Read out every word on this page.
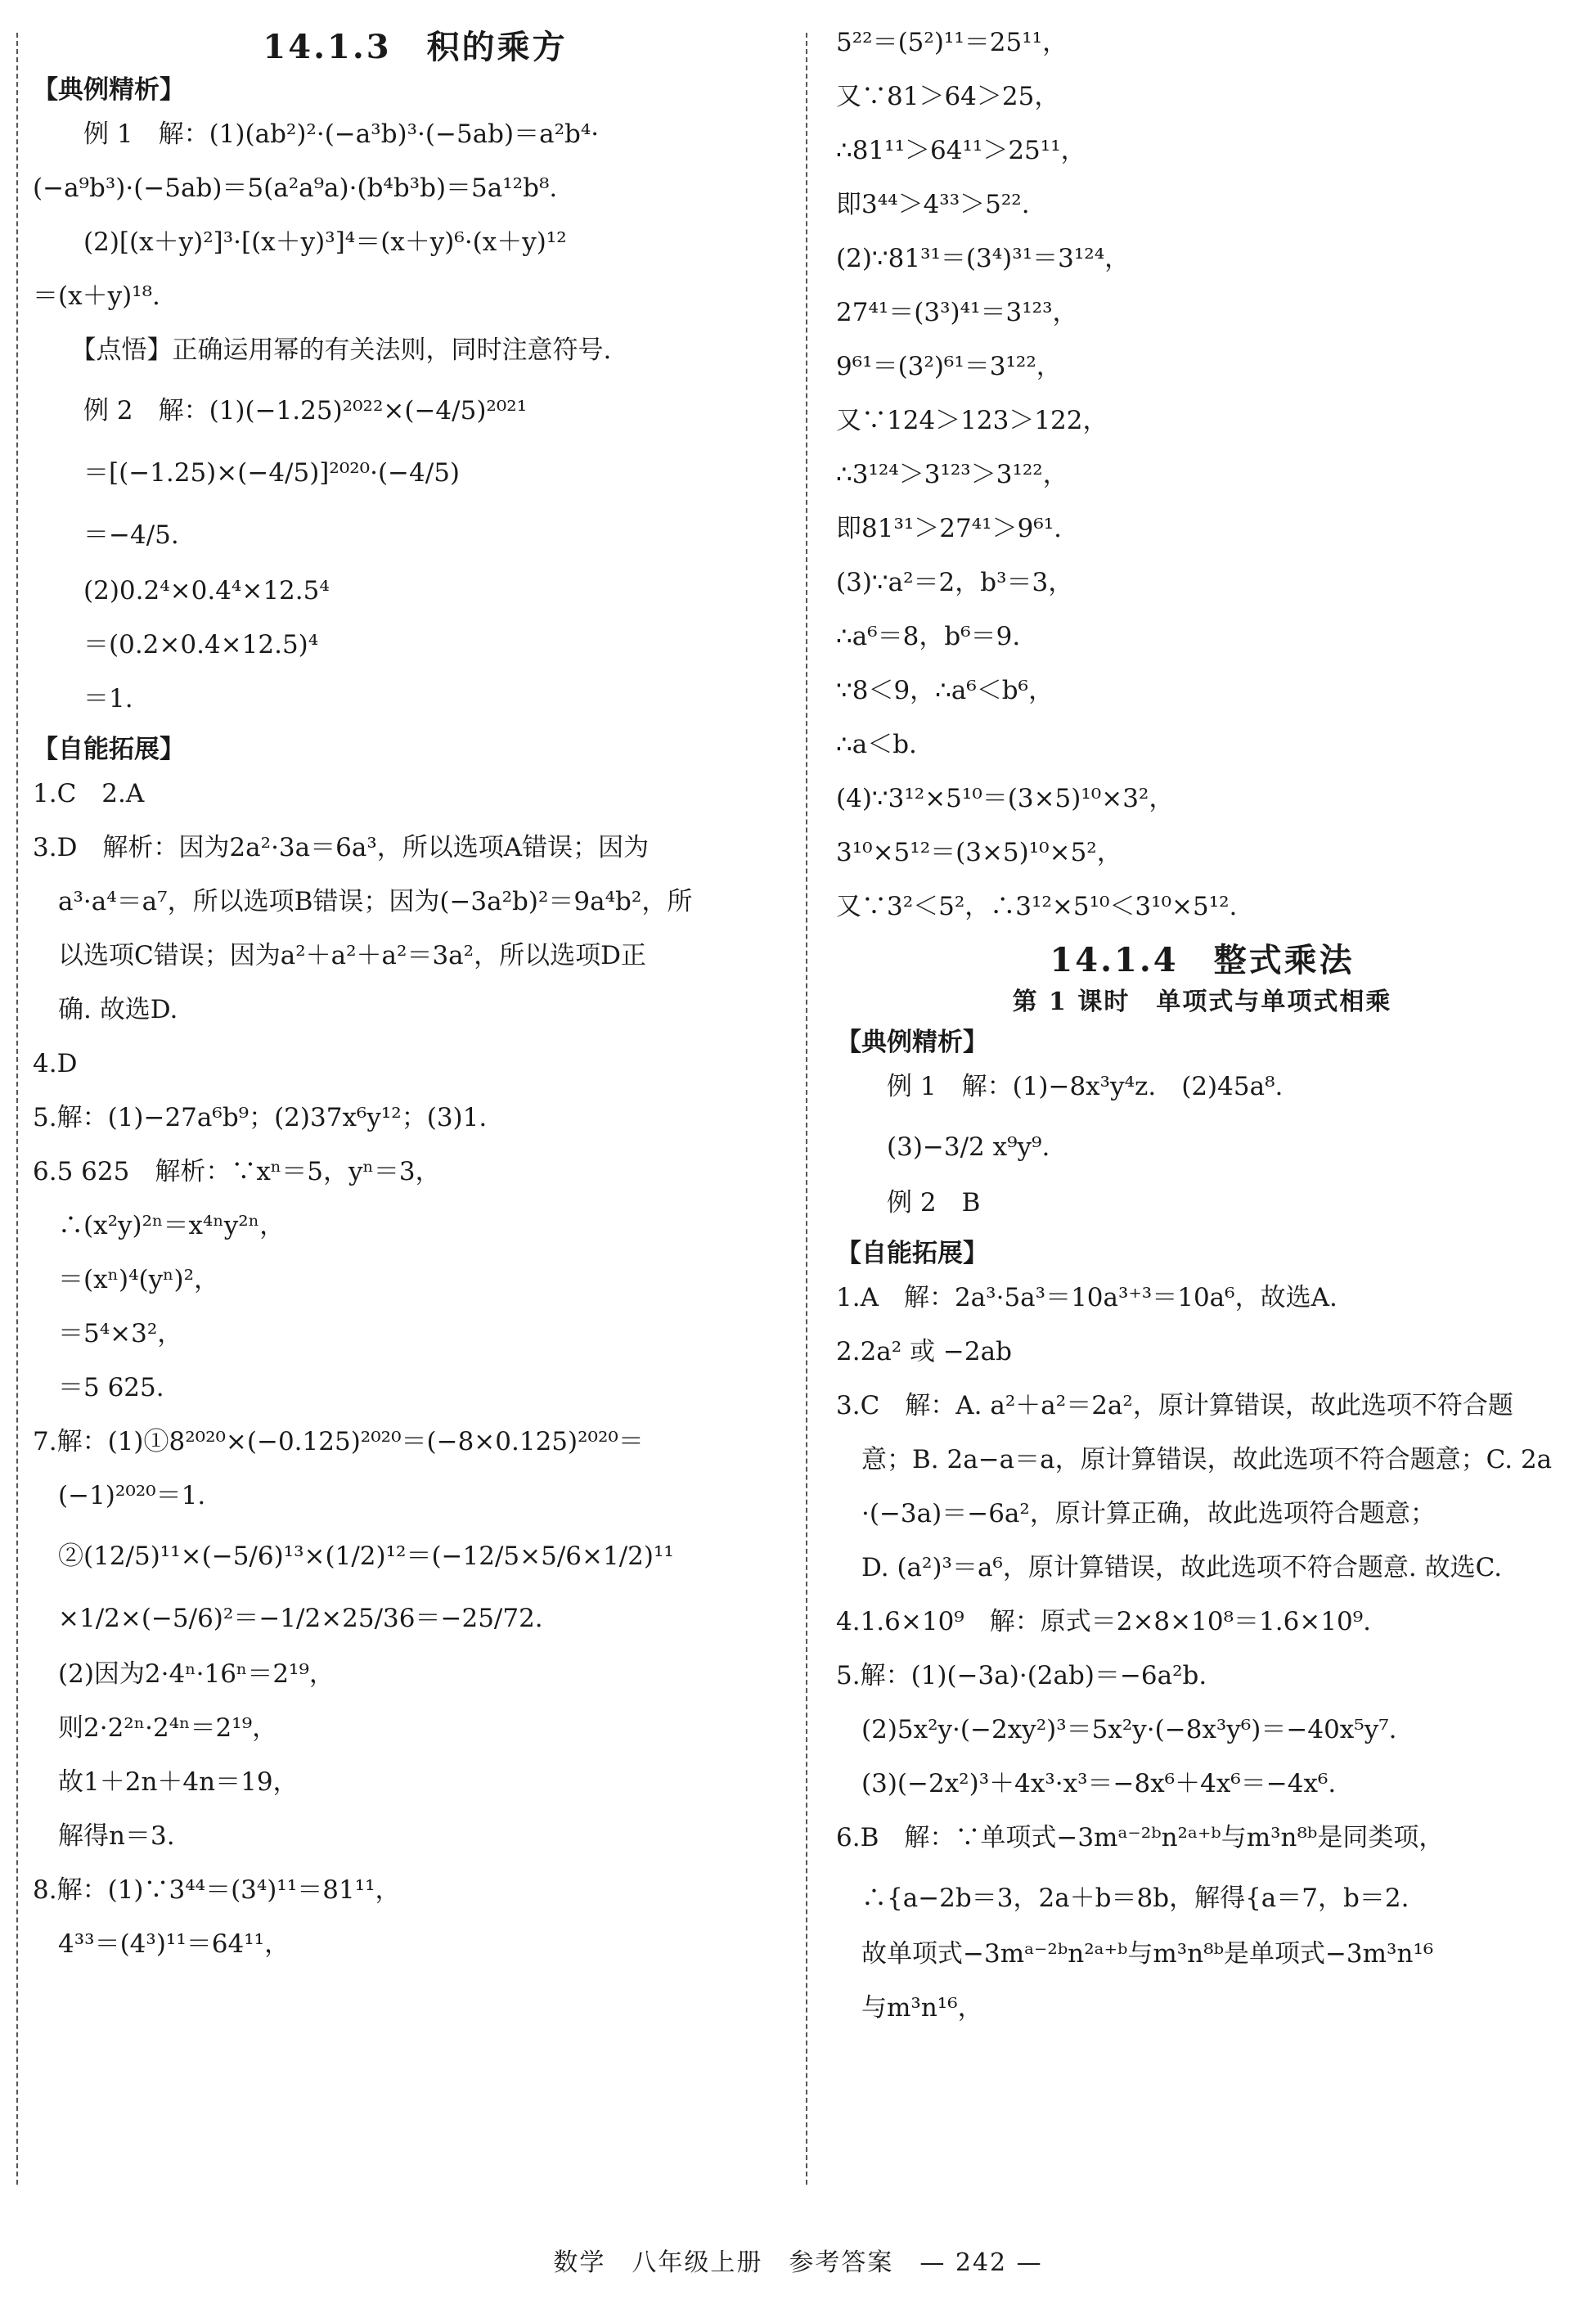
14.1.3　积的乘方
【典例精析】
　　例 1　解：(1)(ab²)²·(−a³b)³·(−5ab)＝a²b⁴·
(−a⁹b³)·(−5ab)＝5(a²a⁹a)·(b⁴b³b)＝5a¹²b⁸.
　　(2)[(x＋y)²]³·[(x＋y)³]⁴＝(x＋y)⁶·(x＋y)¹²
＝(x＋y)¹⁸.
　　【点悟】正确运用幂的有关法则，同时注意符号.
　　例 2　解：(1)(−1.25)²⁰²²×(−4/5)²⁰²¹
　　＝[(−1.25)×(−4/5)]²⁰²⁰·(−4/5)
　　＝−4/5.
　　(2)0.2⁴×0.4⁴×12.5⁴
　　＝(0.2×0.4×12.5)⁴
　　＝1.
【自能拓展】
1.C　2.A
3.D　解析：因为2a²·3a＝6a³，所以选项A错误；因为
　a³·a⁴＝a⁷，所以选项B错误；因为(−3a²b)²＝9a⁴b²，所
　以选项C错误；因为a²＋a²＋a²＝3a²，所以选项D正
　确. 故选D.
4.D
5.解：(1)−27a⁶b⁹；(2)37x⁶y¹²；(3)1.
6.5 625　解析：∵xⁿ＝5，yⁿ＝3，
　∴(x²y)²ⁿ＝x⁴ⁿy²ⁿ，
　＝(xⁿ)⁴(yⁿ)²，
　＝5⁴×3²，
　＝5 625.
7.解：(1)①8²⁰²⁰×(−0.125)²⁰²⁰＝(−8×0.125)²⁰²⁰＝
　(−1)²⁰²⁰＝1.
　②(12/5)¹¹×(−5/6)¹³×(1/2)¹²＝(−12/5×5/6×1/2)¹¹
　×1/2×(−5/6)²＝−1/2×25/36＝−25/72.
　(2)因为2·4ⁿ·16ⁿ＝2¹⁹，
　则2·2²ⁿ·2⁴ⁿ＝2¹⁹，
　故1＋2n＋4n＝19，
　解得n＝3.
8.解：(1)∵3⁴⁴＝(3⁴)¹¹＝81¹¹，
　4³³＝(4³)¹¹＝64¹¹，
5²²＝(5²)¹¹＝25¹¹，
又∵81＞64＞25，
∴81¹¹＞64¹¹＞25¹¹，
即3⁴⁴＞4³³＞5²².
(2)∵81³¹＝(3⁴)³¹＝3¹²⁴，
27⁴¹＝(3³)⁴¹＝3¹²³，
9⁶¹＝(3²)⁶¹＝3¹²²，
又∵124＞123＞122，
∴3¹²⁴＞3¹²³＞3¹²²，
即81³¹＞27⁴¹＞9⁶¹.
(3)∵a²＝2，b³＝3，
∴a⁶＝8，b⁶＝9.
∵8＜9，∴a⁶＜b⁶，
∴a＜b.
(4)∵3¹²×5¹⁰＝(3×5)¹⁰×3²，
3¹⁰×5¹²＝(3×5)¹⁰×5²，
又∵3²＜5²，∴3¹²×5¹⁰＜3¹⁰×5¹².
14.1.4　整式乘法
第 1 课时　单项式与单项式相乘
【典例精析】
　　例 1　解：(1)−8x³y⁴z.　(2)45a⁸.
　　(3)−3/2 x⁹y⁹.
　　例 2　B
【自能拓展】
1.A　解：2a³·5a³＝10a³⁺³＝10a⁶，故选A.
2.2a² 或 −2ab
3.C　解：A. a²＋a²＝2a²，原计算错误，故此选项不符合题
　意；B. 2a−a＝a，原计算错误，故此选项不符合题意；C. 2a
　·(−3a)＝−6a²，原计算正确，故此选项符合题意；
　D. (a²)³＝a⁶，原计算错误，故此选项不符合题意. 故选C.
4.1.6×10⁹　解：原式＝2×8×10⁸＝1.6×10⁹.
5.解：(1)(−3a)·(2ab)＝−6a²b.
　(2)5x²y·(−2xy²)³＝5x²y·(−8x³y⁶)＝−40x⁵y⁷.
　(3)(−2x²)³＋4x³·x³＝−8x⁶＋4x⁶＝−4x⁶.
6.B　解：∵单项式−3mᵃ⁻²ᵇn²ᵃ⁺ᵇ与m³n⁸ᵇ是同类项，
　∴{a−2b＝3，2a＋b＝8b，解得{a＝7，b＝2.
　故单项式−3mᵃ⁻²ᵇn²ᵃ⁺ᵇ与m³n⁸ᵇ是单项式−3m³n¹⁶
　与m³n¹⁶，
数学　八年级上册　参考答案　— 242 —
